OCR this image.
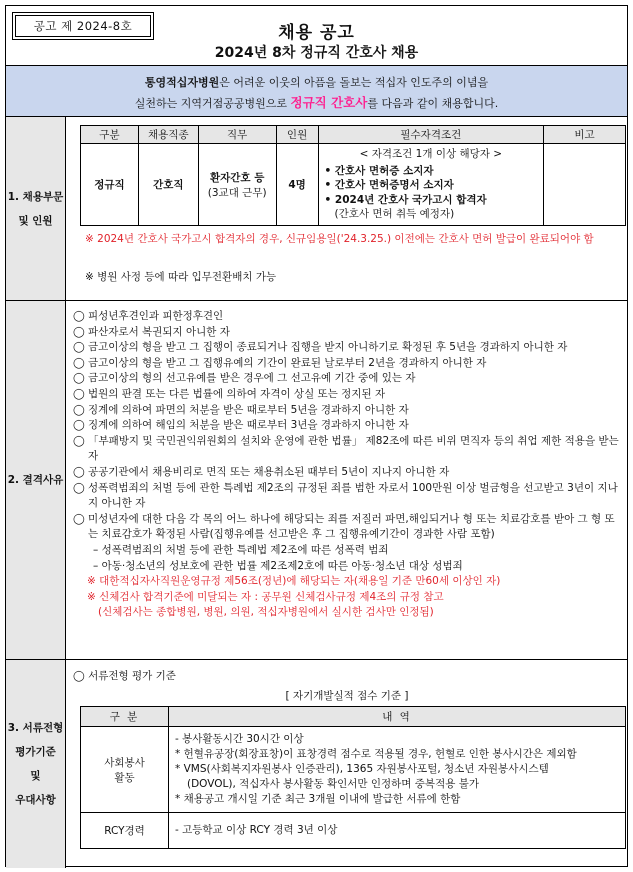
공고 제 2024-8호	채용 공고
2024년 8차 정규직 간호사 채용
통영적십자병원은 어려운 이웃의 아픔을 돌보는 적십자 인도주의 이념을
실천하는 지역거점공공병원으로 정규직 간호사를 다음과 같이 채용합니다.
1. 채용부문
및 인원
구분	채용직종	직무	인원	필수자격조건	비고
정규직	간호직	환자간호 등
(3교대 근무)	4명	< 자격조건 1개 이상 해당자 >
• 간호사 면허증 소지자
• 간호사 면허증명서 소지자
• 2024년 간호사 국가고시 합격자
(간호사 면허 취득 예정자)	

※ 2024년 간호사 국가고시 합격자의 경우, 신규임용일('24.3.25.) 이전에는 간호사 면허 발급이 완료되어야 함
※ 병원 사정 등에 따라 입무전환배치 가능
2. 결격사유
◯ 피성년후견인과 피한정후견인
◯ 파산자로서 복권되지 아니한 자
◯ 금고이상의 형을 받고 그 집행이 종료되거나 집행을 받지 아니하기로 확정된 후 5년을 경과하지 아니한 자
◯ 금고이상의 형을 받고 그 집행유예의 기간이 완료된 날로부터 2년을 경과하지 아니한 자
◯ 금고이상의 형의 선고유예를 받은 경우에 그 선고유예 기간 중에 있는 자
◯ 법원의 판결 또는 다른 법률에 의하여 자격이 상실 또는 정지된 자
◯ 징계에 의하여 파면의 처분을 받은 때로부터 5년을 경과하지 아니한 자
◯ 징계에 의하여 해임의 처분을 받은 때로부터 3년을 경과하지 아니한 자
◯ 「부패방지 및 국민권익위원회의 설치와 운영에 관한 법률」 제82조에 따른 비위 면직자 등의 취업 제한 적용을 받는 자
◯ 공공기관에서 채용비리로 면직 또는 채용취소된 때부터 5년이 지나지 아니한 자
◯ 성폭력범죄의 처벌 등에 관한 특례법 제2조의 규정된 죄를 범한 자로서 100만원 이상 벌금형을 선고받고 3년이 지나지 아니한 자
◯ 미성년자에 대한 다음 각 목의 어느 하나에 해당되는 죄를 저질러 파면,해임되거나 형 또는 치료감호를 받아 그 형 또는 치료감호가 확정된 사람(집행유예를 선고받은 후 그 집행유예기간이 경과한 사람 포함)
– 성폭력범죄의 처벌 등에 관한 특례법 제2조에 따른 성폭력 범죄
– 아동·청소년의 성보호에 관한 법률 제2조제2호에 따른 아동·청소년 대상 성범죄
※ 대한적십자사직원운영규정 제56조(정년)에 해당되는 자(채용일 기준 만60세 이상인 자)
※ 신체검사 합격기준에 미달되는 자 : 공무원 신체검사규정 제4조의 규정 참고
(신체검사는 종합병원, 병원, 의원, 적십자병원에서 실시한 검사만 인정됨)
3. 서류전형
평가기준
및
우대사항
◯ 서류전형 평가 기준
[ 자기개발실적 점수 기준 ]
구 분	내 역
사회봉사
활동	- 봉사활동시간 30시간 이상
* 헌혈유공장(회장표창)이 표창경력 점수로 적용될 경우, 헌혈로 인한 봉사시간은 제외함
* VMS(사회복지자원봉사 인증관리), 1365 자원봉사포털, 청소년 자원봉사시스템
(DOVOL), 적십자사 봉사활동 확인서만 인정하며 중복적용 불가
* 채용공고 개시일 기준 최근 3개월 이내에 발급한 서류에 한함

RCY경력	- 고등학교 이상 RCY 경력 3년 이상
